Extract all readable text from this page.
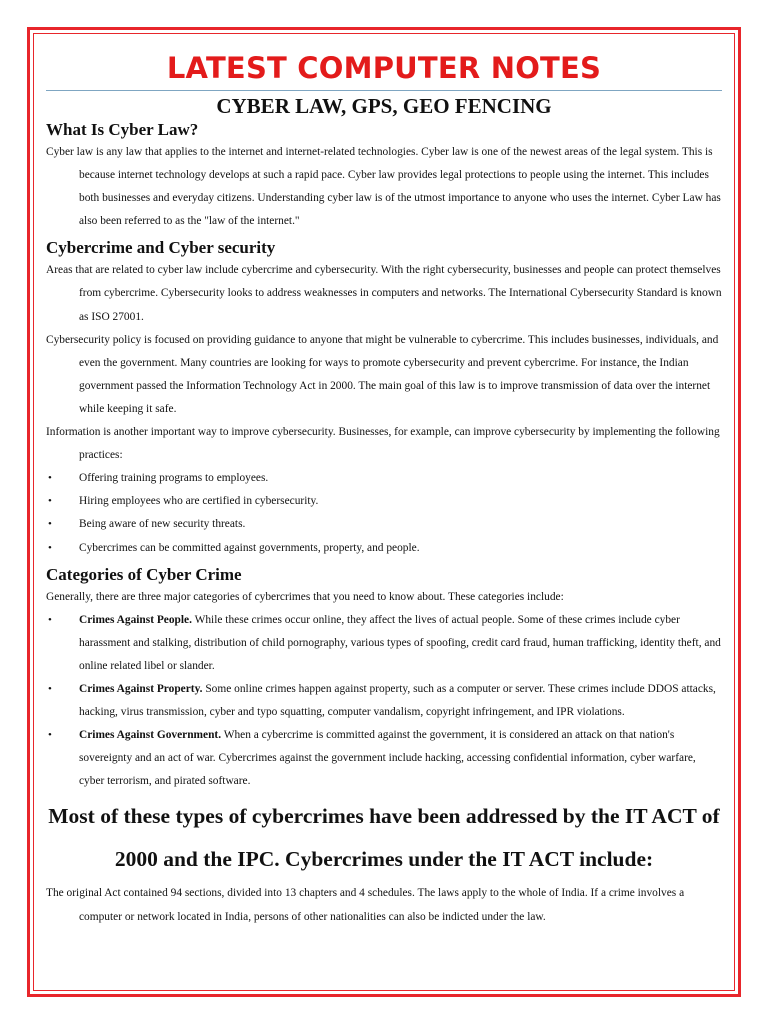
LATEST COMPUTER NOTES
CYBER LAW, GPS, GEO FENCING
What Is Cyber Law?

Cyber law is any law that applies to the internet and internet-related technologies. Cyber law is one of the newest areas of the legal system. This is because internet technology develops at such a rapid pace. Cyber law provides legal protections to people using the internet. This includes both businesses and everyday citizens. Understanding cyber law is of the utmost importance to anyone who uses the internet. Cyber Law has also been referred to as the "law of the internet."

Cybercrime and Cyber security

Areas that are related to cyber law include cybercrime and cybersecurity. With the right cybersecurity, businesses and people can protect themselves from cybercrime. Cybersecurity looks to address weaknesses in computers and networks. The International Cybersecurity Standard is known as ISO 27001.

Cybersecurity policy is focused on providing guidance to anyone that might be vulnerable to cybercrime. This includes businesses, individuals, and even the government. Many countries are looking for ways to promote cybersecurity and prevent cybercrime. For instance, the Indian government passed the Information Technology Act in 2000. The main goal of this law is to improve transmission of data over the internet while keeping it safe.

Information is another important way to improve cybersecurity. Businesses, for example, can improve cybersecurity by implementing the following practices:

• Offering training programs to employees.
• Hiring employees who are certified in cybersecurity.
• Being aware of new security threats.
• Cybercrimes can be committed against governments, property, and people.
Categories of Cyber Crime

Generally, there are three major categories of cybercrimes that you need to know about. These categories include:

• Crimes Against People. While these crimes occur online, they affect the lives of actual people. Some of these crimes include cyber harassment and stalking, distribution of child pornography, various types of spoofing, credit card fraud, human trafficking, identity theft, and online related libel or slander.
• Crimes Against Property. Some online crimes happen against property, such as a computer or server. These crimes include DDOS attacks, hacking, virus transmission, cyber and typo squatting, computer vandalism, copyright infringement, and IPR violations.
• Crimes Against Government. When a cybercrime is committed against the government, it is considered an attack on that nation's sovereignty and an act of war. Cybercrimes against the government include hacking, accessing confidential information, cyber warfare, cyber terrorism, and pirated software.
Most of these types of cybercrimes have been addressed by the IT ACT of 2000 and the IPC. Cybercrimes under the IT ACT include:

The original Act contained 94 sections, divided into 13 chapters and 4 schedules. The laws apply to the whole of India. If a crime involves a computer or network located in India, persons of other nationalities can also be indicted under the law.
